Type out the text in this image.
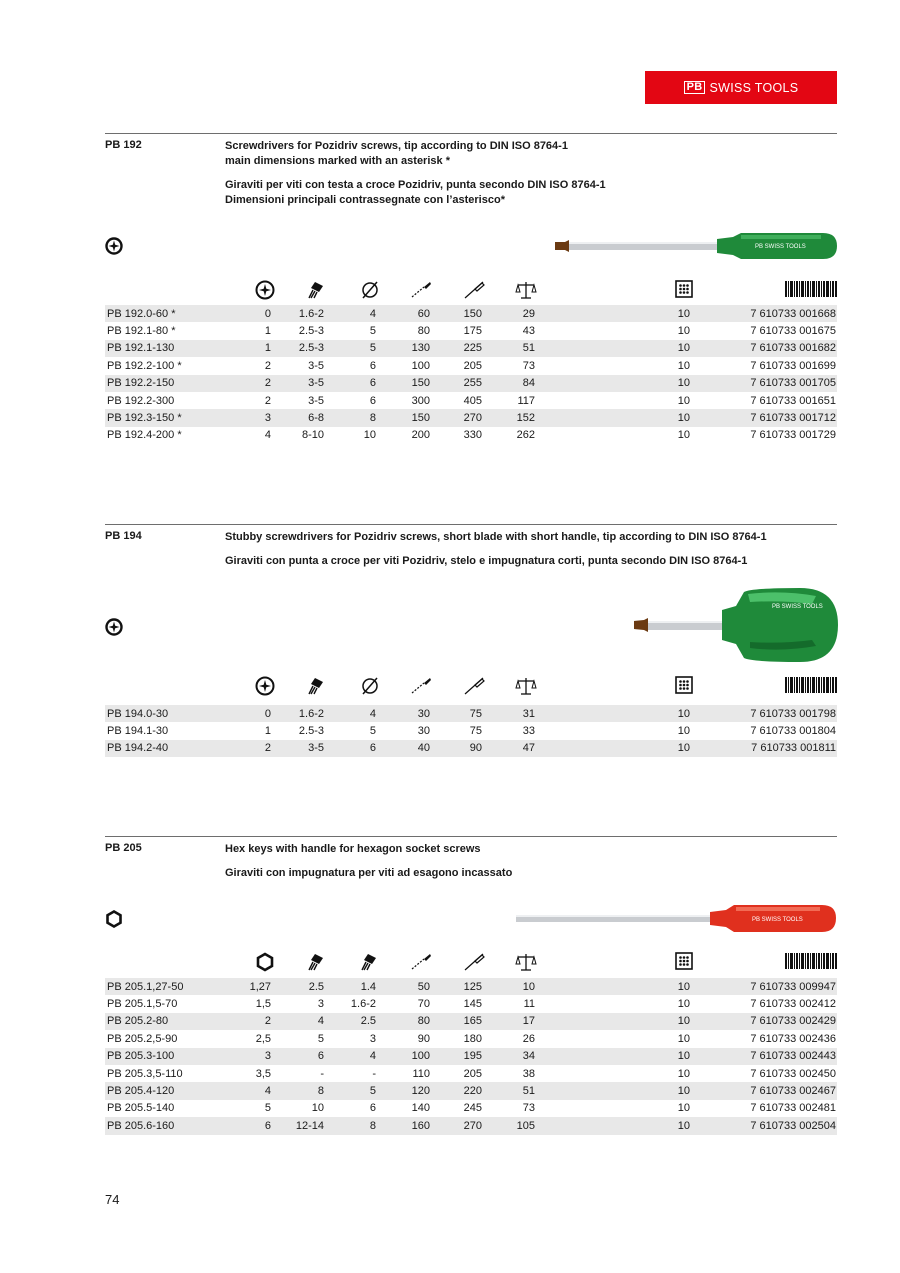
PB SWISS TOOLS
PB 192	Screwdrivers for Pozidriv screws, tip according to DIN ISO 8764-1

main dimensions marked with an asterisk *

Giraviti per viti con testa a croce Pozidriv, punta secondo DIN ISO 8764-1

Dimensioni principali contrassegnate con l’asterisco*

PB SWISS TOOLS
PB 192.0-60 *	0	1.6-2	4	60	150	29	10	7 610733 001668
PB 192.1-80 *	1	2.5-3	5	80	175	43	10	7 610733 001675
PB 192.1-130	1	2.5-3	5	130	225	51	10	7 610733 001682
PB 192.2-100 *	2	3-5	6	100	205	73	10	7 610733 001699
PB 192.2-150	2	3-5	6	150	255	84	10	7 610733 001705
PB 192.2-300	2	3-5	6	300	405	117	10	7 610733 001651
PB 192.3-150 *	3	6-8	8	150	270	152	10	7 610733 001712
PB 192.4-200 *	4	8-10	10	200	330	262	10	7 610733 001729
PB 194	Stubby screwdrivers for Pozidriv screws, short blade with short handle, tip according to DIN ISO 8764-1

Giraviti con punta a croce per viti Pozidriv, stelo e impugnatura corti, punta secondo DIN ISO 8764-1

PB SWISS TOOLS
PB 194.0-30	0	1.6-2	4	30	75	31	10	7 610733 001798
PB 194.1-30	1	2.5-3	5	30	75	33	10	7 610733 001804
PB 194.2-40	2	3-5	6	40	90	47	10	7 610733 001811
PB 205	Hex keys with handle for hexagon socket screws

Giraviti con impugnatura per viti ad esagono incassato

PB SWISS TOOLS
PB 205.1,27-50	1,27	2.5	1.4	50	125	10	10	7 610733 009947
PB 205.1,5-70	1,5	3	1.6-2	70	145	11	10	7 610733 002412
PB 205.2-80	2	4	2.5	80	165	17	10	7 610733 002429
PB 205.2,5-90	2,5	5	3	90	180	26	10	7 610733 002436
PB 205.3-100	3	6	4	100	195	34	10	7 610733 002443
PB 205.3,5-110	3,5	-	-	110	205	38	10	7 610733 002450
PB 205.4-120	4	8	5	120	220	51	10	7 610733 002467
PB 205.5-140	5	10	6	140	245	73	10	7 610733 002481
PB 205.6-160	6	12-14	8	160	270	105	10	7 610733 002504
74
